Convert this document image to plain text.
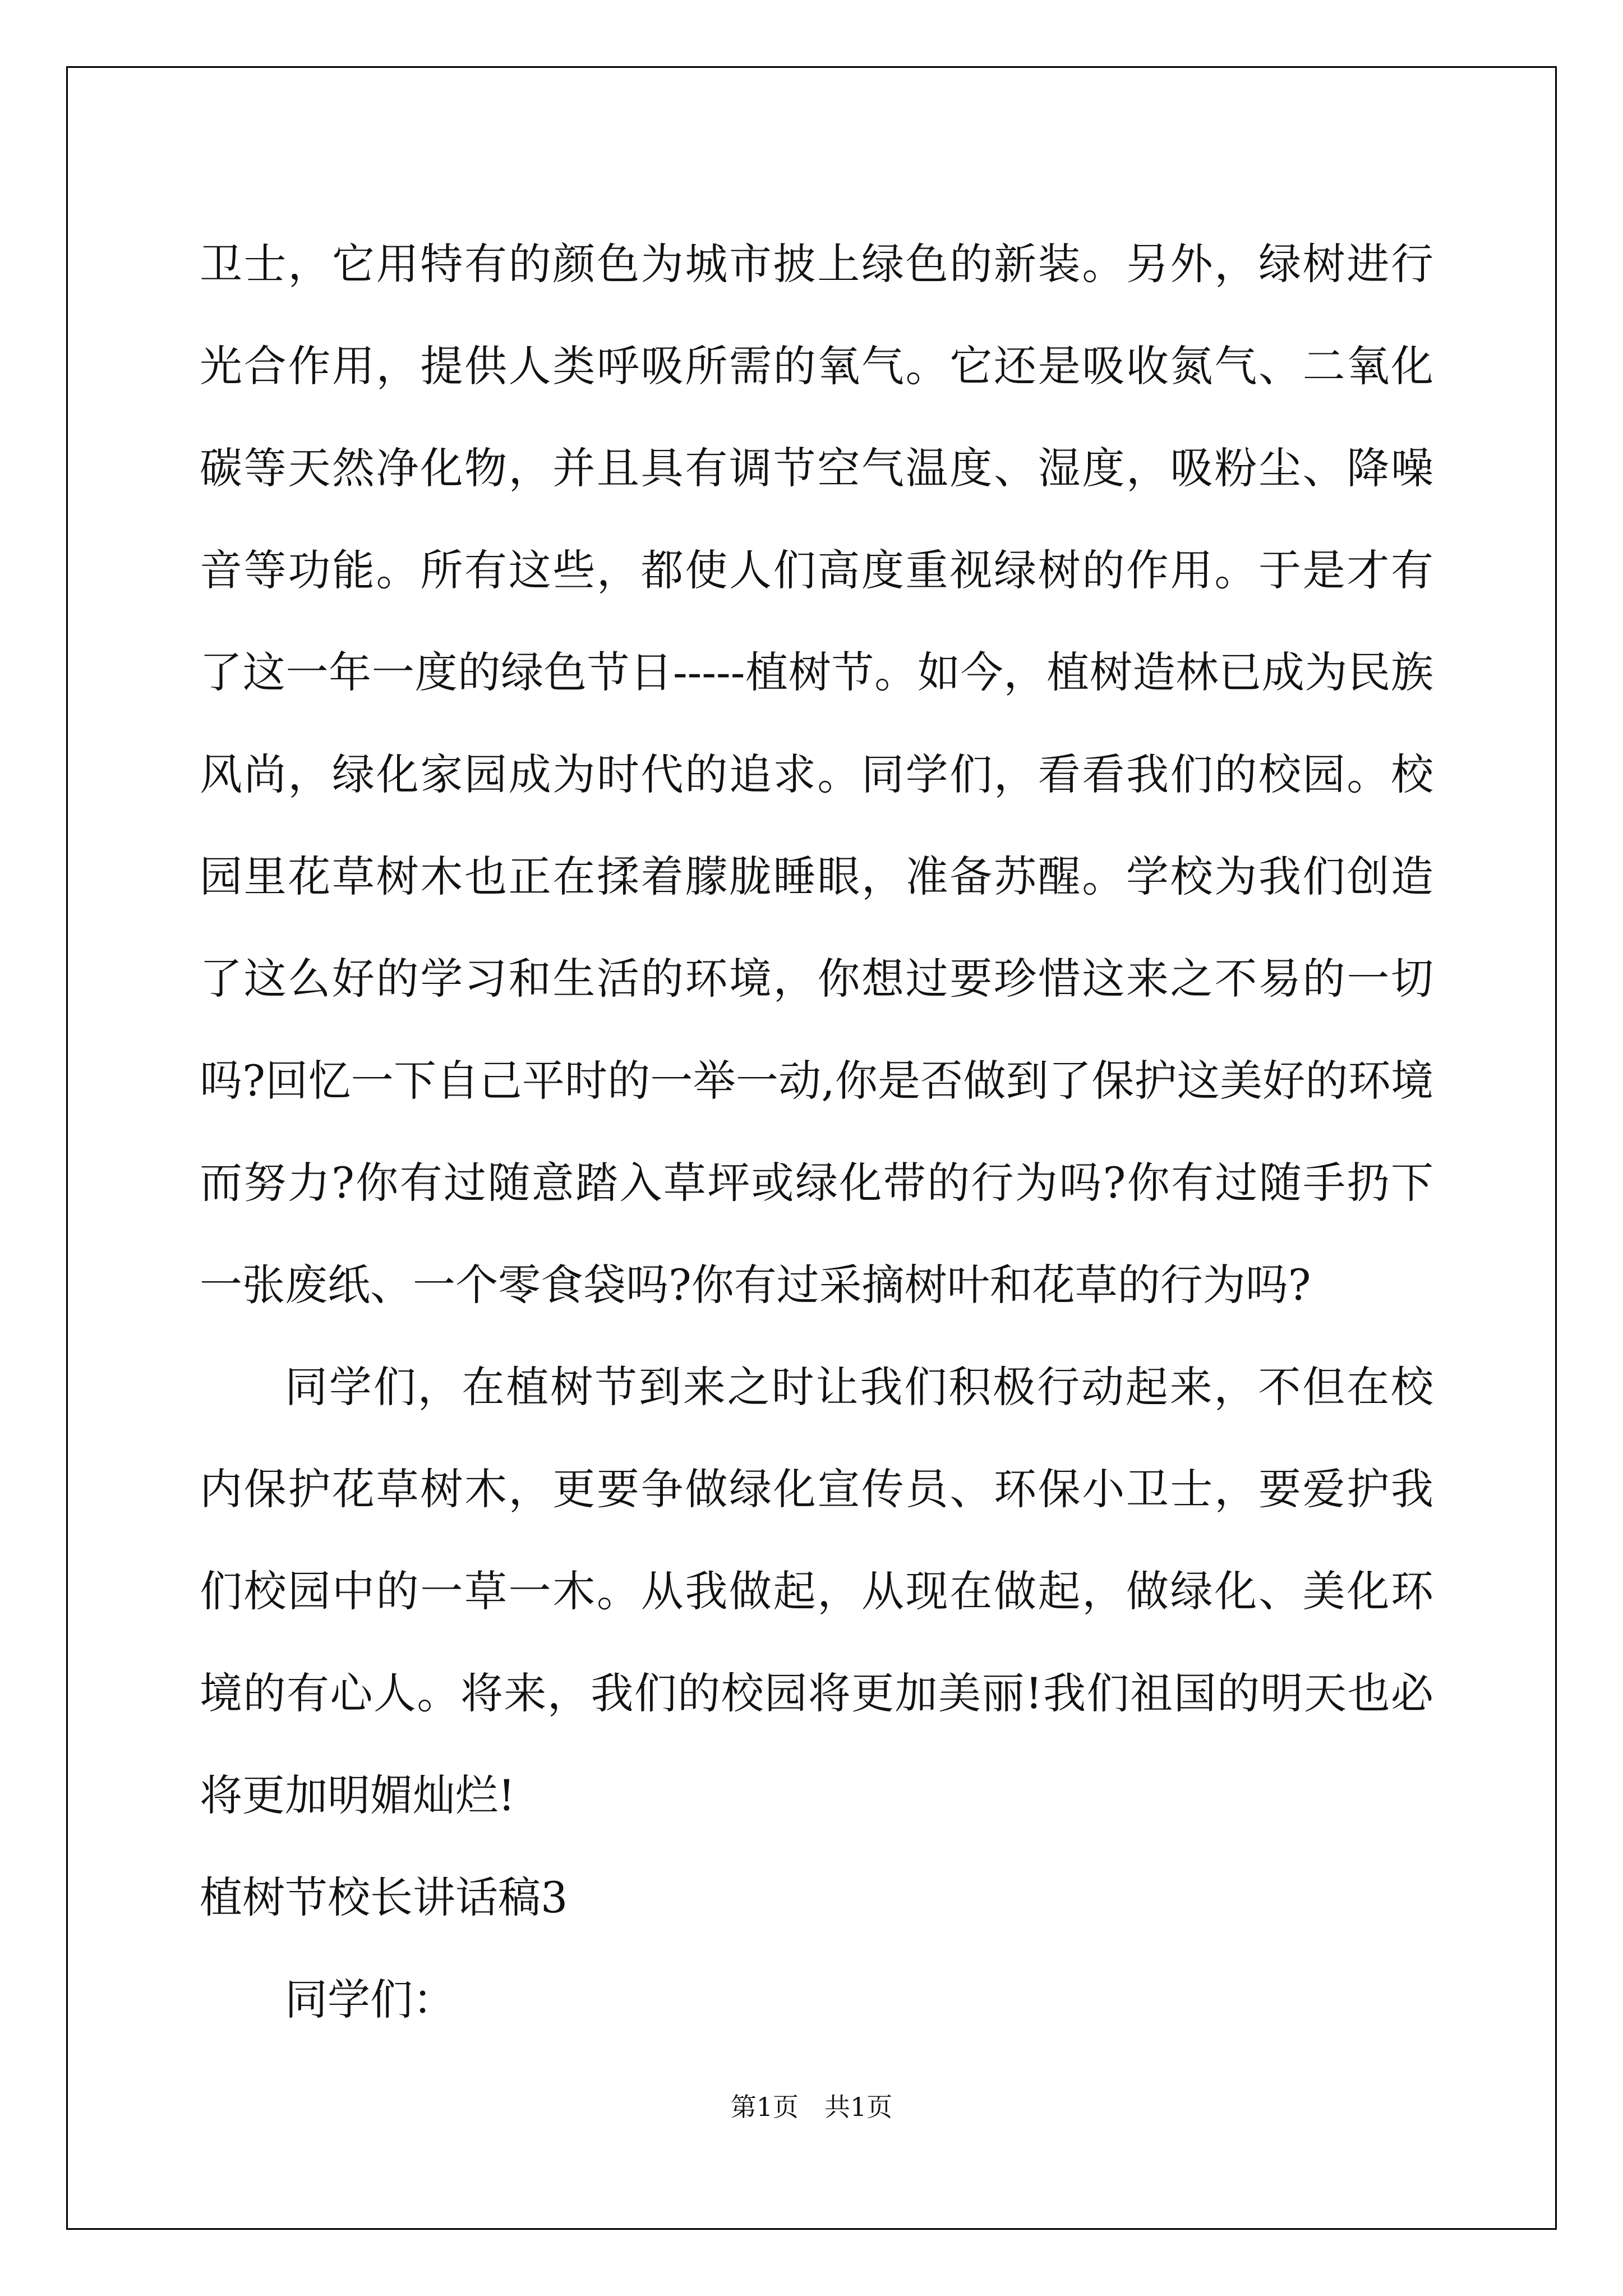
卫士，它用特有的颜色为城市披上绿色的新装。另外，绿树进行光合作用，提供人类呼吸所需的氧气。它还是吸收氮气、二氧化碳等天然净化物，并且具有调节空气温度、湿度，吸粉尘、降噪音等功能。所有这些，都使人们高度重视绿树的作用。于是才有了这一年一度的绿色节日-----植树节。如今，植树造林已成为民族风尚，绿化家园成为时代的追求。同学们，看看我们的校园。校园里花草树木也正在揉着朦胧睡眼，准备苏醒。学校为我们创造了这么好的学习和生活的环境，你想过要珍惜这来之不易的一切吗?回忆一下自己平时的一举一动,你是否做到了保护这美好的环境而努力?你有过随意踏入草坪或绿化带的行为吗?你有过随手扔下一张废纸、一个零食袋吗?你有过采摘树叶和花草的行为吗?

同学们，在植树节到来之时让我们积极行动起来，不但在校内保护花草树木，更要争做绿化宣传员、环保小卫士，要爱护我们校园中的一草一木。从我做起，从现在做起，做绿化、美化环境的有心人。将来，我们的校园将更加美丽!我们祖国的明天也必将更加明媚灿烂!

植树节校长讲话稿3

同学们：

第1页　共1页
